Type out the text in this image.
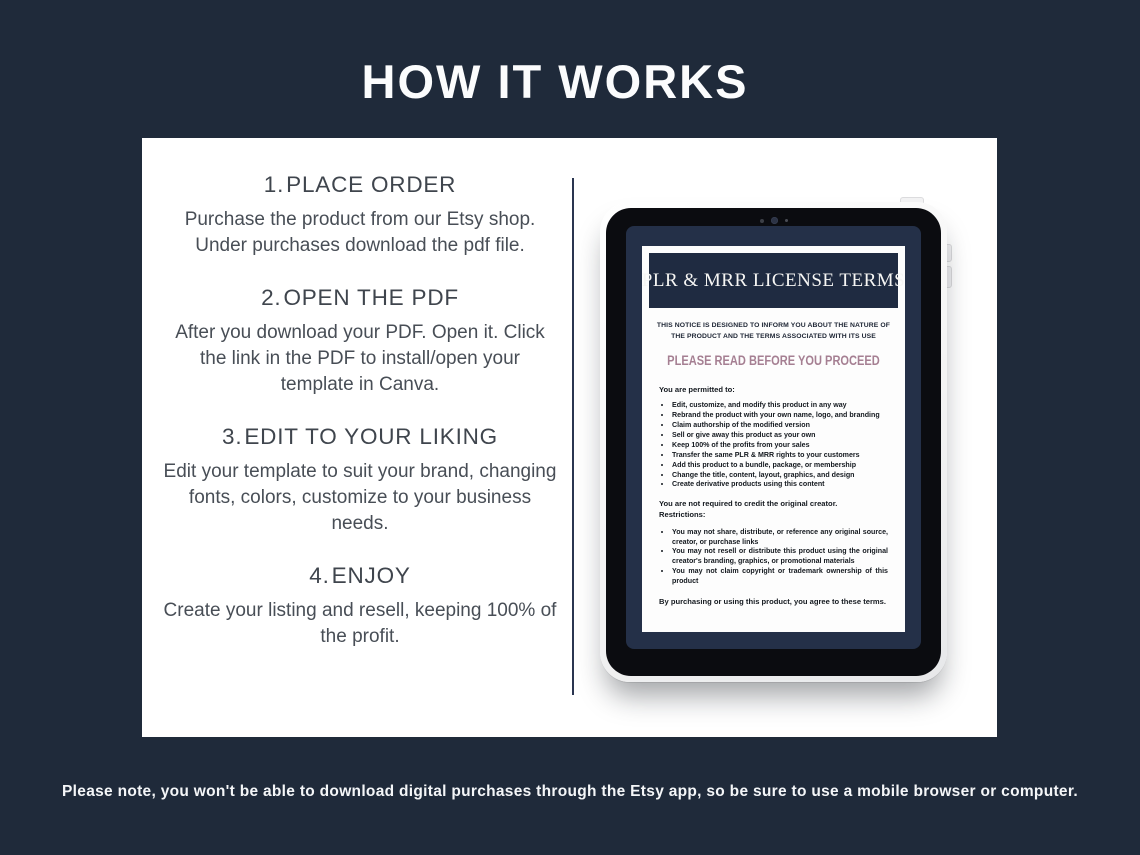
HOW IT WORKS
1.PLACE ORDER

Purchase the product from our Etsy shop. Under purchases download the pdf file.

2.OPEN THE PDF

After you download your PDF. Open it. Click the link in the PDF to install/open your template in Canva.

3.EDIT TO YOUR LIKING

Edit your template to suit your brand, changing fonts, colors, customize to your business needs.

4.ENJOY

Create your listing and resell, keeping 100% of the profit.

PLR & MRR LICENSE TERMS

THIS NOTICE IS DESIGNED TO INFORM YOU ABOUT THE NATURE OF THE PRODUCT AND THE TERMS ASSOCIATED WITH ITS USE

PLEASE READ BEFORE YOU PROCEED

You are permitted to:

• Edit, customize, and modify this product in any way
• Rebrand the product with your own name, logo, and branding
• Claim authorship of the modified version
• Sell or give away this product as your own
• Keep 100% of the profits from your sales
• Transfer the same PLR & MRR rights to your customers
• Add this product to a bundle, package, or membership
• Change the title, content, layout, graphics, and design
• Create derivative products using this content

You are not required to credit the original creator.
Restrictions:

• You may not share, distribute, or reference any original source, creator, or purchase links
• You may not resell or distribute this product using the original creator's branding, graphics, or promotional materials
• You may not claim copyright or trademark ownership of this product

By purchasing or using this product, you agree to these terms.

Please note, you won't be able to download digital purchases through the Etsy app, so be sure to use a mobile browser or computer.
